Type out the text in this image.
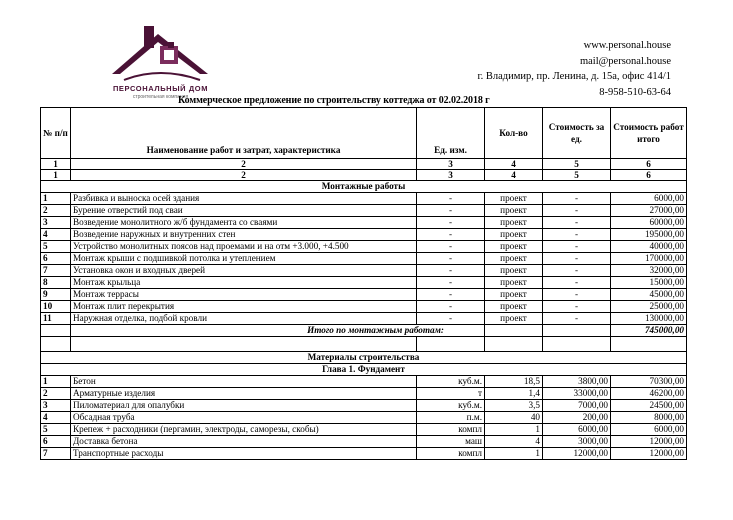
ПЕРСОНАЛЬНЫЙ ДОМ
строительная компания
www.personal.house
mail@personal.house
г. Владимир, пр. Ленина, д. 15а, офис 414/1
8-958-510-63-64
Коммерческое предложение по строительству коттеджа от 02.02.2018 г
№ п/п	Наименование работ и затрат, характеристика	Ед. изм.	Кол-во	Стоимость за ед.	Стоимость работ итого
1	2	3	4	5	6
1	2	3	4	5	6
Монтажные работы					
1	Разбивка и выноска осей здания	-	проект	-	6000,00
2	Бурение отверстий под сваи	-	проект	-	27000,00
3	Возведение монолитного ж/б фундамента со сваями	-	проект	-	60000,00
4	Возведение наружных и внутренних стен	-	проект	-	195000,00
5	Устройство монолитных поясов над проемами и на отм +3.000, +4.500	-	проект	-	40000,00
6	Монтаж крыши с подшивкой потолка и утеплением	-	проект	-	170000,00
7	Установка окон и входных дверей	-	проект	-	32000,00
8	Монтаж крыльца	-	проект	-	15000,00
9	Монтаж террасы	-	проект	-	45000,00
10	Монтаж плит перекрытия	-	проект	-	25000,00
11	Наружная отделка, подбой кровли	-	проект	-	130000,00
	Итого по монтажным работам:				745000,00

Материалы строительства					
Глава 1. Фундамент					
1	Бетон	куб.м.	18,5	3800,00	70300,00
2	Арматурные изделия	т	1,4	33000,00	46200,00
3	Пиломатериал для опалубки	куб.м.	3,5	7000,00	24500,00
4	Обсадная труба	п.м.	40	200,00	8000,00
5	Крепеж + расходники (пергамин, электроды, саморезы, скобы)	компл	1	6000,00	6000,00
6	Доставка бетона	маш	4	3000,00	12000,00
7	Транспортные расходы	компл	1	12000,00	12000,00
